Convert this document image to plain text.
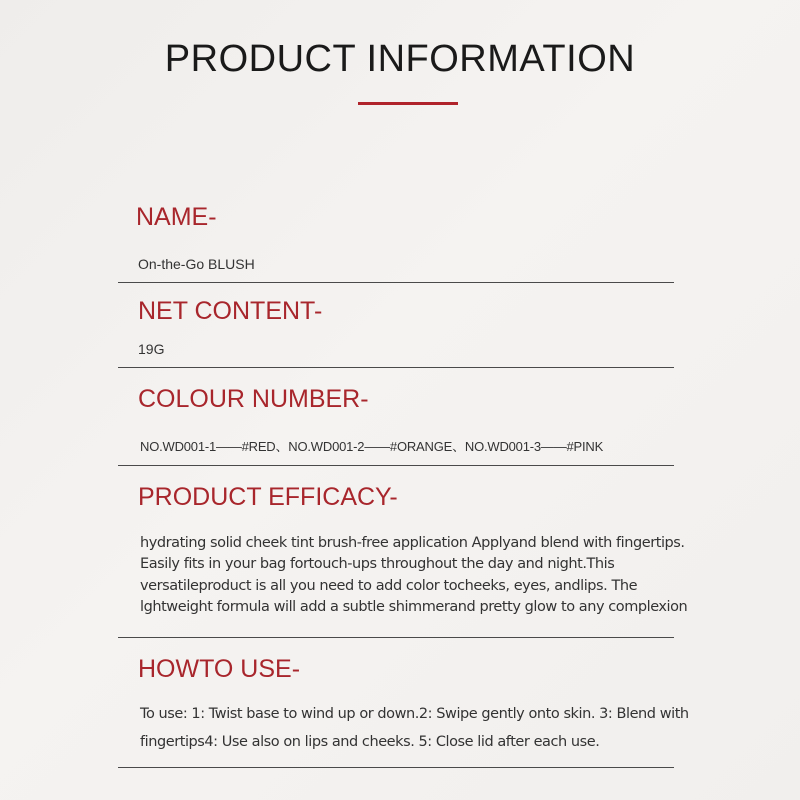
PRODUCT INFORMATION
NAME-

On-the-Go BLUSH

NET CONTENT-

19G

COLOUR NUMBER-

NO.WD001-1——#RED、NO.WD001-2——#ORANGE、NO.WD001-3——#PINK

PRODUCT EFFICACY-

hydrating solid cheek tint brush-free application Applyand blend with fingertips.

Easily fits in your bag fortouch-ups throughout the day and night.This

versatileproduct is all you need to add color tocheeks, eyes, andlips. The

lghtweight formula will add a subtle shimmerand pretty glow to any complexion

HOWTO USE-

To use: 1: Twist base to wind up or down.2: Swipe gently onto skin. 3: Blend with

fingertips4: Use also on lips and cheeks. 5: Close lid after each use.
